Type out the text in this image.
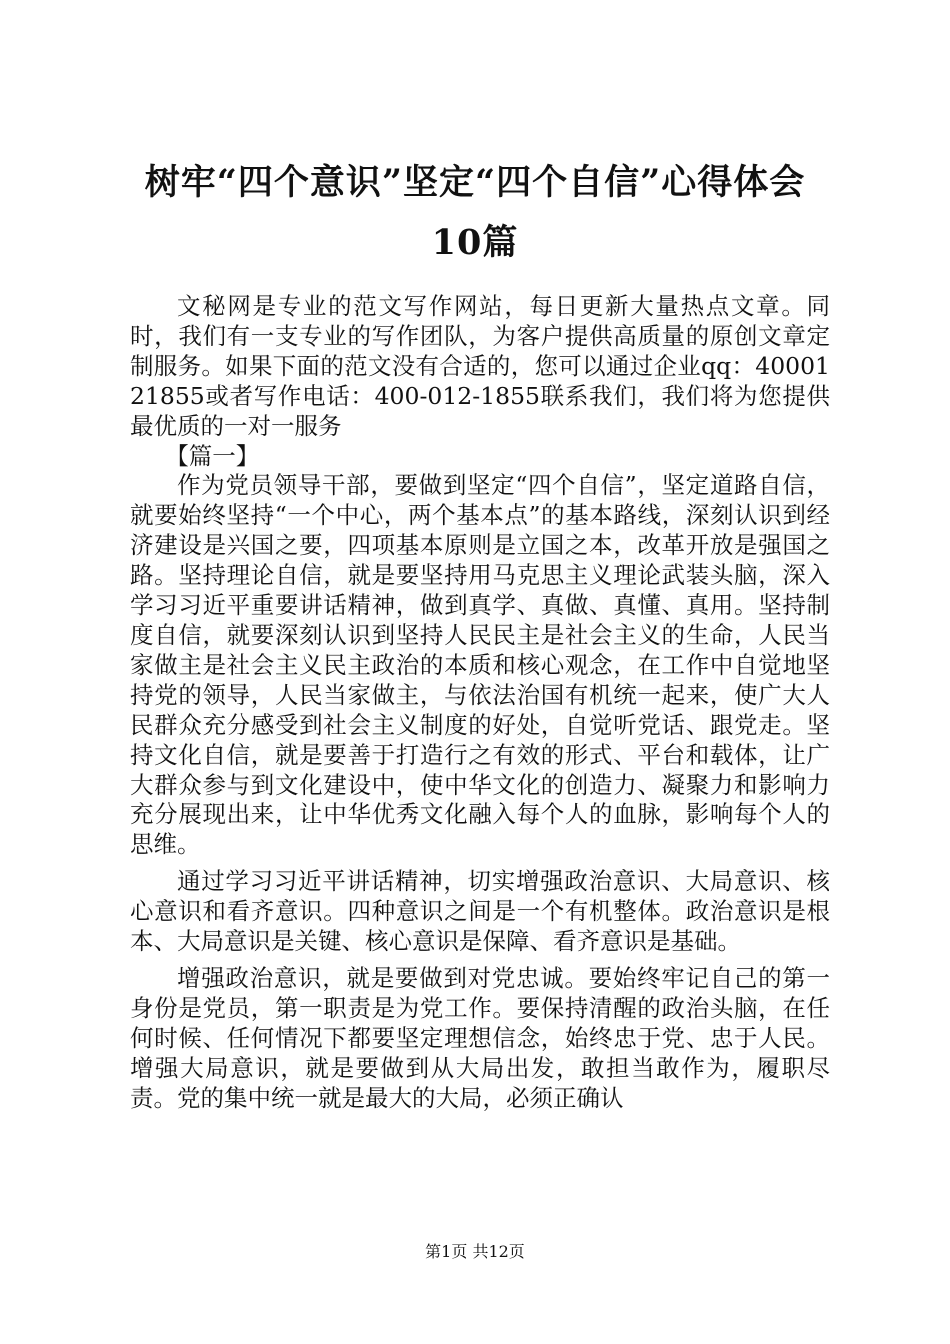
树牢“四个意识”坚定“四个自信”心得体会
10篇

文秘网是专业的范文写作网站，每日更新大量热点文章。同时，我们有一支专业的写作团队，为客户提供高质量的原创文章定制服务。如果下面的范文没有合适的，您可以通过企业qq：4000121855或者写作电话：400-012-1855联系我们，我们将为您提供最优质的一对一服务

【篇一】

作为党员领导干部，要做到坚定“四个自信”，坚定道路自信，就要始终坚持“一个中心，两个基本点”的基本路线，深刻认识到经济建设是兴国之要，四项基本原则是立国之本，改革开放是强国之路。坚持理论自信，就是要坚持用马克思主义理论武装头脑，深入学习习近平重要讲话精神，做到真学、真做、真懂、真用。坚持制度自信，就要深刻认识到坚持人民民主是社会主义的生命，人民当家做主是社会主义民主政治的本质和核心观念，在工作中自觉地坚持党的领导，人民当家做主，与依法治国有机统一起来，使广大人民群众充分感受到社会主义制度的好处，自觉听党话、跟党走。坚持文化自信，就是要善于打造行之有效的形式、平台和载体，让广大群众参与到文化建设中，使中华文化的创造力、凝聚力和影响力充分展现出来，让中华优秀文化融入每个人的血脉，影响每个人的思维。

通过学习习近平讲话精神，切实增强政治意识、大局意识、核心意识和看齐意识。四种意识之间是一个有机整体。政治意识是根本、大局意识是关键、核心意识是保障、看齐意识是基础。

增强政治意识，就是要做到对党忠诚。要始终牢记自己的第一身份是党员，第一职责是为党工作。要保持清醒的政治头脑，在任何时候、任何情况下都要坚定理想信念，始终忠于党、忠于人民。增强大局意识，就是要做到从大局出发，敢担当敢作为，履职尽责。党的集中统一就是最大的大局，必须正确认

第1页 共12页
